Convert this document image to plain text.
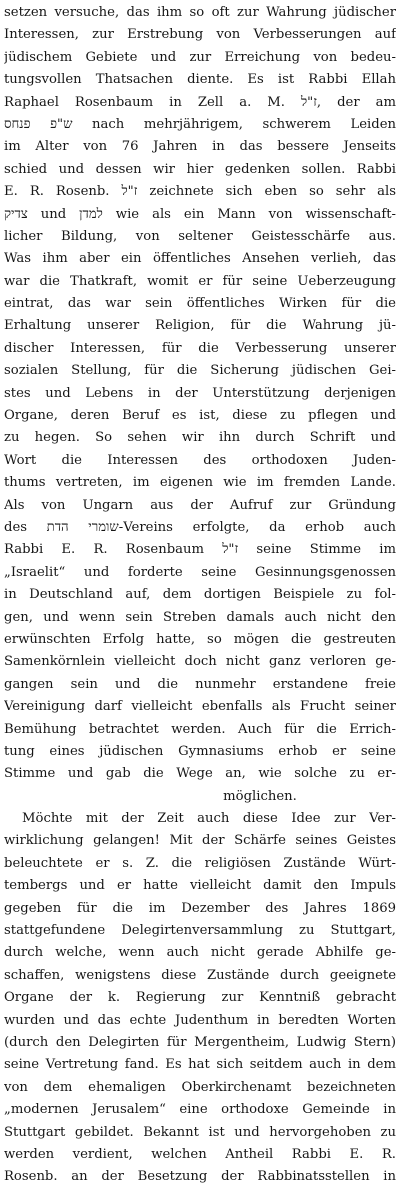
setzen versuche, das ihm so oft zur Wahrung jüdischer
Interessen, zur Erstrebung von Verbesserungen auf
jüdischem Gebiete und zur Erreichung von bedeu-
tungsvollen Thatsachen diente. Es ist Rabbi Ellah
Raphael Rosenbaum in Zell a. M. ז"ל, der am
ש"פ פנחס nach mehrjährigem, schwerem Leiden
im Alter von 76 Jahren in das bessere Jenseits
schied und dessen wir hier gedenken sollen. Rabbi
E. R. Rosenb. ז"ל zeichnete sich eben so sehr als
צדיק und למדן wie als ein Mann von wissenschaft-
licher Bildung, von seltener Geistesschärfe aus.
Was ihm aber ein öffentliches Ansehen verlieh, das
war die Thatkraft, womit er für seine Ueberzeugung
eintrat, das war sein öffentliches Wirken für die
Erhaltung unserer Religion, für die Wahrung jü-
discher Interessen, für die Verbesserung unserer
sozialen Stellung, für die Sicherung jüdischen Gei-
stes und Lebens in der Unterstützung derjenigen
Organe, deren Beruf es ist, diese zu pflegen und
zu hegen. So sehen wir ihn durch Schrift und
Wort die Interessen des orthodoxen Juden-
thums vertreten, im eigenen wie im fremden Lande.
Als von Ungarn aus der Aufruf zur Gründung
des שומרי הדת-Vereins erfolgte, da erhob auch
Rabbi E. R. Rosenbaum ז"ל seine Stimme im
„Israelit“ und forderte seine Gesinnungsgenossen
in Deutschland auf, dem dortigen Beispiele zu fol-
gen, und wenn sein Streben damals auch nicht den
erwünschten Erfolg hatte, so mögen die gestreuten
Samenkörnlein vielleicht doch nicht ganz verloren ge-
gangen sein und die nunmehr erstandene freie
Vereinigung darf vielleicht ebenfalls als Frucht seiner
Bemühung betrachtet werden. Auch für die Errich-
tung eines jüdischen Gymnasiums erhob er seine
Stimme und gab die Wege an, wie solche zu er-
möglichen.
Möchte mit der Zeit auch diese Idee zur Ver-
wirklichung gelangen! Mit der Schärfe seines Geistes
beleuchtete er s. Z. die religiösen Zustände Würt-
tembergs und er hatte vielleicht damit den Impuls
gegeben für die im Dezember des Jahres 1869
stattgefundene Delegirtenversammlung zu Stuttgart,
durch welche, wenn auch nicht gerade Abhilfe ge-
schaffen, wenigstens diese Zustände durch geeignete
Organe der k. Regierung zur Kenntniß gebracht
wurden und das echte Judenthum in beredten Worten
(durch den Delegirten für Mergentheim, Ludwig Stern)
seine Vertretung fand. Es hat sich seitdem auch in dem
von dem ehemaligen Oberkirchenamt bezeichneten
„modernen Jerusalem“ eine orthodoxe Gemeinde in
Stuttgart gebildet. Bekannt ist und hervorgehoben zu
werden verdient, welchen Antheil Rabbi E. R.
Rosenb. an der Besetzung der Rabbinatsstellen in
